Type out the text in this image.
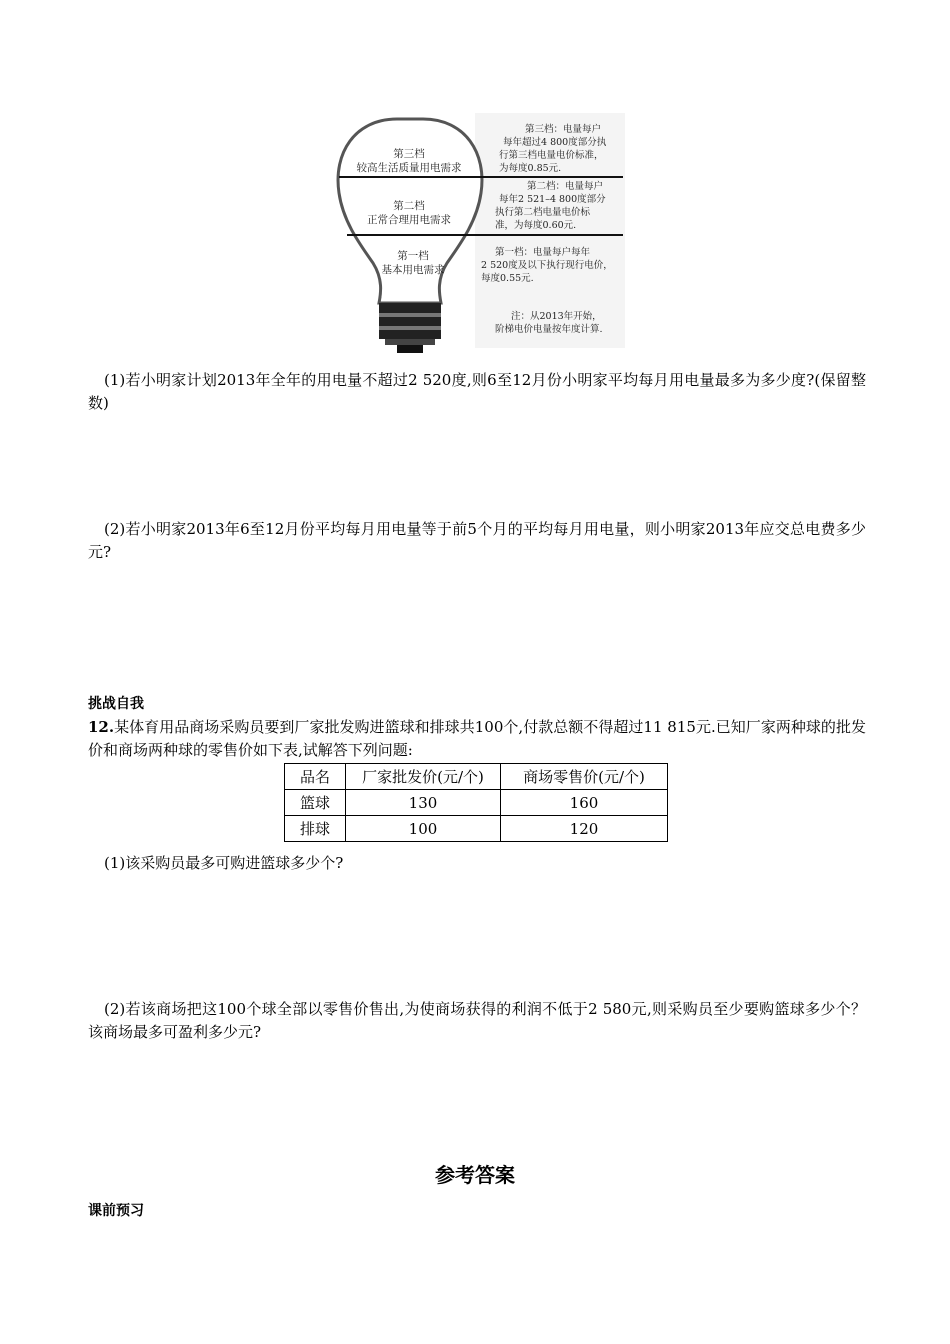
第三档
较高生活质量用电需求
第二档
正常合理用电需求
第一档
基本用电需求
第三档：电量每户
每年超过4 800度部分执
行第三档电量电价标准，
为每度0.85元.
第二档：电量每户
每年2 521–4 800度部分
执行第二档电量电价标
准，为每度0.60元.
第一档：电量每户每年
2 520度及以下执行现行电价，
每度0.55元.
注：从2013年开始，
阶梯电价电量按年度计算.
(1)若小明家计划2013年全年的用电量不超过2 520度,则6至12月份小明家平均每月用电量最多为多少度?(保留整数)
(2)若小明家2013年6至12月份平均每月用电量等于前5个月的平均每月用电量，则小明家2013年应交总电费多少元?
挑战自我
12.某体育用品商场采购员要到厂家批发购进篮球和排球共100个,付款总额不得超过11 815元.已知厂家两种球的批发价和商场两种球的零售价如下表,试解答下列问题:
品名	厂家批发价(元/个)	商场零售价(元/个)
篮球	130	160
排球	100	120
(1)该采购员最多可购进篮球多少个?
(2)若该商场把这100个球全部以零售价售出,为使商场获得的利润不低于2 580元,则采购员至少要购篮球多少个？该商场最多可盈利多少元?
参考答案
课前预习
